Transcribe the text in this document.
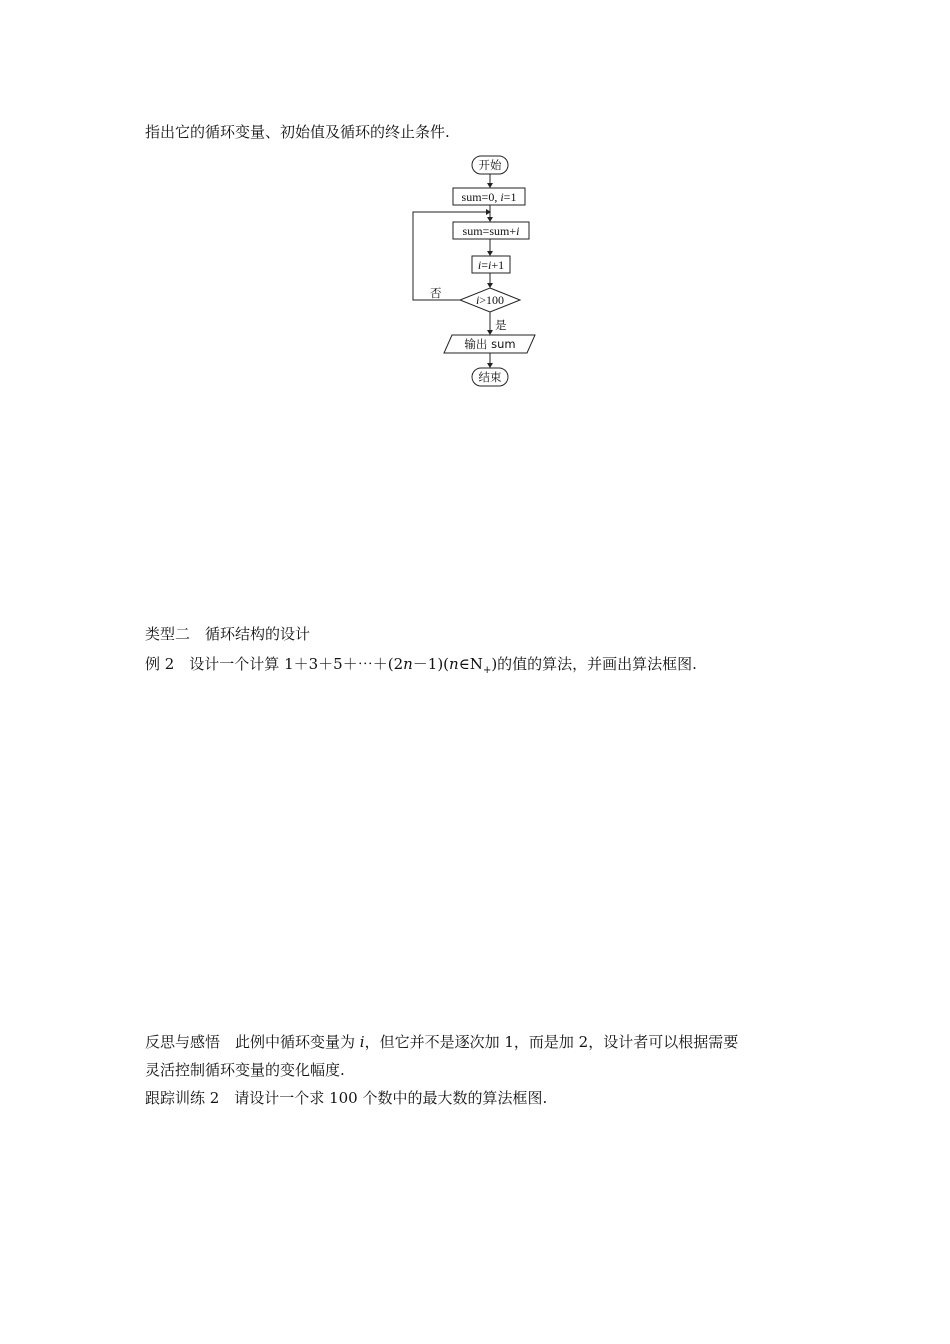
指出它的循环变量、初始值及循环的终止条件.
开始
sum=0, i=1
sum=sum+i
i=i+1
i>100
否
是
输出 sum
结束
类型二　循环结构的设计
例 2　设计一个计算 $1+3+5+\cdots+(2n-1)(n\in N_+)$的值的算法，并画出算法框图.
反思与感悟　此例中循环变量为 i，但它并不是逐次加 1，而是加 2，设计者可以根据需要
灵活控制循环变量的变化幅度.
跟踪训练 2　请设计一个求 100 个数中的最大数的算法框图.
